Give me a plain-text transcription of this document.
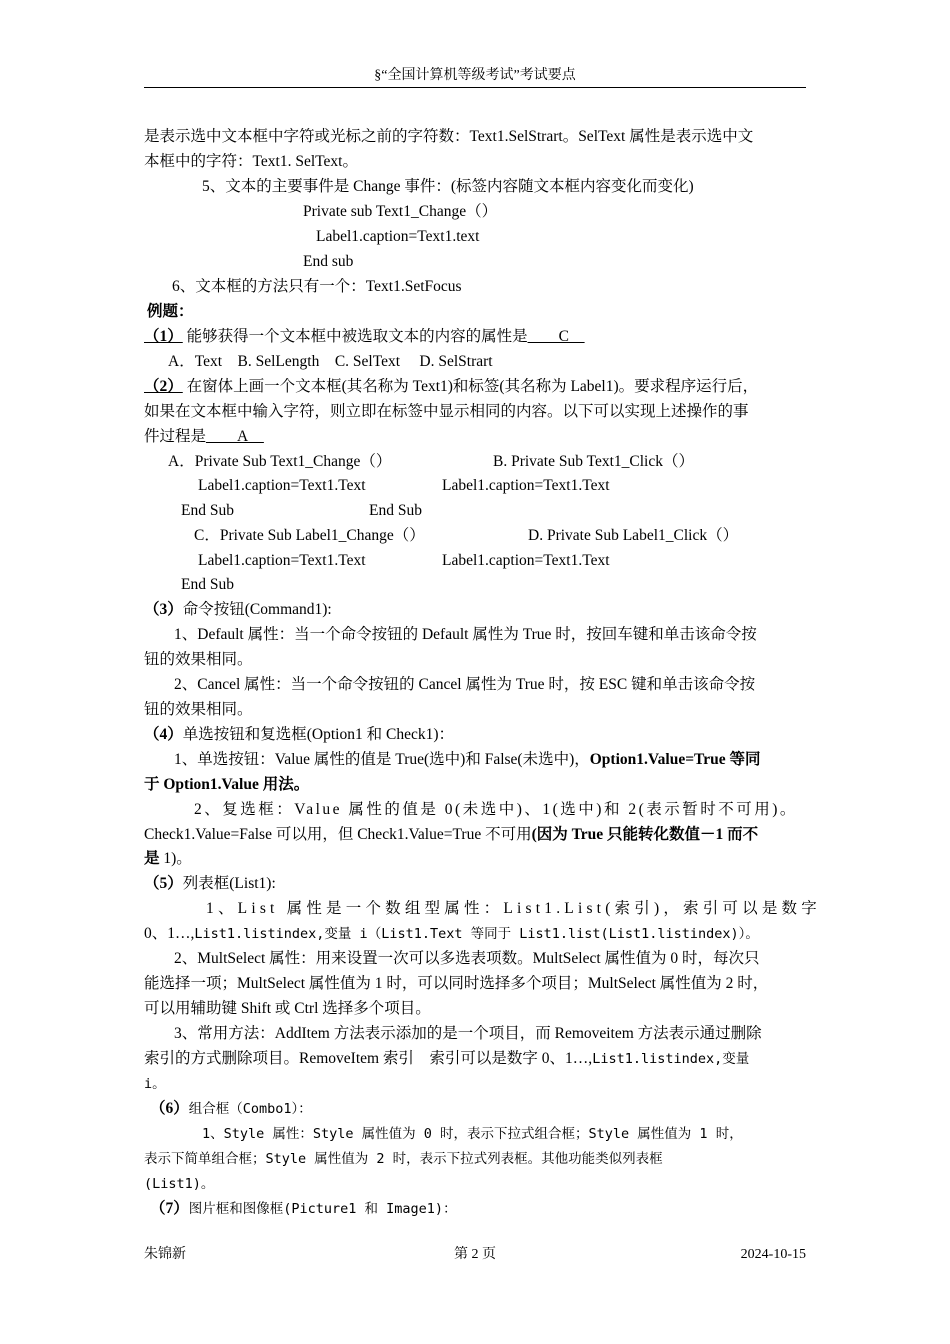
§“全国计算机等级考试”考试要点
是表示选中文本框中字符或光标之前的字符数：Text1.SelStrart。SelText 属性是表示选中文
本框中的字符：Text1. SelText。
5、文本的主要事件是 Change 事件：(标签内容随文本框内容变化而变化)
Private sub Text1_Change（）
Label1.caption=Text1.text
End sub
6、文本框的方法只有一个：Text1.SetFocus
例题：
（1） 能够获得一个文本框中被选取文本的内容的属性是____C__
A．Text    B. SelLength    C. SelText     D. SelStrart
（2） 在窗体上画一个文本框(其名称为 Text1)和标签(其名称为 Label1)。要求程序运行后，
如果在文本框中输入字符，则立即在标签中显示相同的内容。以下可以实现上述操作的事
件过程是____A__
A．Private Sub Text1_Change（）	B. Private Sub Text1_Click（）
Label1.caption=Text1.Text	Label1.caption=Text1.Text
End Sub	End Sub
C．Private Sub Label1_Change（）	D. Private Sub Label1_Click（）
Label1.caption=Text1.Text	Label1.caption=Text1.Text
End Sub
（3）命令按钮(Command1):
1、Default 属性：当一个命令按钮的 Default 属性为 True 时，按回车键和单击该命令按
钮的效果相同。
2、Cancel 属性：当一个命令按钮的 Cancel 属性为 True 时，按 ESC 键和单击该命令按
钮的效果相同。
（4）单选按钮和复选框(Option1 和 Check1)：
1、单选按钮：Value 属性的值是 True(选中)和 False(未选中)，Option1.Value=True 等同
于 Option1.Value 用法。
2、复选框：Value 属性的值是 0(未选中)、1(选中)和 2(表示暂时不可用)。
Check1.Value=False 可以用，但 Check1.Value=True 不可用(因为 True 只能转化数值－1 而不
是 1)。
（5）列表框(List1):
1、List 属性是一个数组型属性：List1.List(索引)，索引可以是数字
0、1…,List1.listindex,变量 i（List1.Text 等同于 List1.list(List1.listindex)）。
2、MultSelect 属性：用来设置一次可以多选表项数。MultSelect 属性值为 0 时，每次只
能选择一项；MultSelect 属性值为 1 时，可以同时选择多个项目；MultSelect 属性值为 2 时，
可以用辅助键 Shift 或 Ctrl 选择多个项目。
3、常用方法：AddItem 方法表示添加的是一个项目，而 Removeitem 方法表示通过删除
索引的方式删除项目。RemoveItem 索引    索引可以是数字 0、1…,List1.listindex,变量
i。
（6）组合框（Combo1）：
1、Style 属性：Style 属性值为 0 时，表示下拉式组合框；Style 属性值为 1 时，
表示下简单组合框；Style 属性值为 2 时，表示下拉式列表框。其他功能类似列表框
(List1)。
（7）图片框和图像框(Picture1 和 Image1)：
朱锦新	第 2 页	2024-10-15
